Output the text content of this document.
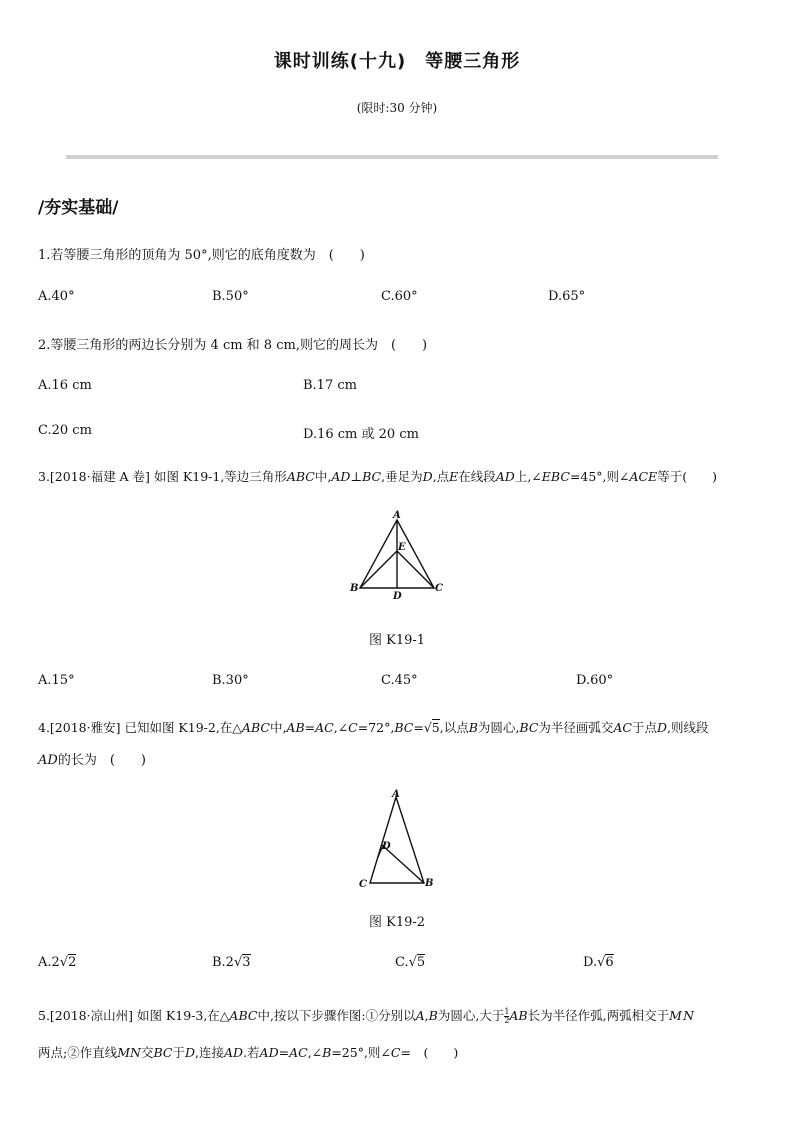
课时训练(十九)　等腰三角形
(限时:30 分钟)
/夯实基础/
1.若等腰三角形的顶角为 50°,则它的底角度数为　(　　)
A.40°	B.50°	C.60°	D.65°
2.等腰三角形的两边长分别为 4 cm 和 8 cm,则它的周长为　(　　)
A.16 cm	B.17 cm
C.20 cm	D.16 cm 或 20 cm
3.[2018·福建 A 卷] 如图 K19-1,等边三角形ABC中,AD⊥BC,垂足为D,点E在线段AD上,∠EBC=45°,则∠ACE等于(　　)
A
E
B	C
D
图 K19-1
A.15°	B.30°	C.45°	D.60°
4.[2018·雅安] 已知如图 K19-2,在△ABC中,AB=AC,∠C=72°,BC=√5,以点B为圆心,BC为半径画弧交AC于点D,则线段
AD的长为　(　　)
A
D
C	B
图 K19-2
A.2√2	B.2√3	C.√5	D.√6
5.[2018·凉山州] 如图 K19-3,在△ABC中,按以下步骤作图:①分别以A,B为圆心,大于 $\frac{1}{2}$ AB长为半径作弧,两弧相交于M N
两点;②作直线MN交BC于D,连接AD.若AD=AC,∠B=25°,则∠C=　(　　)
